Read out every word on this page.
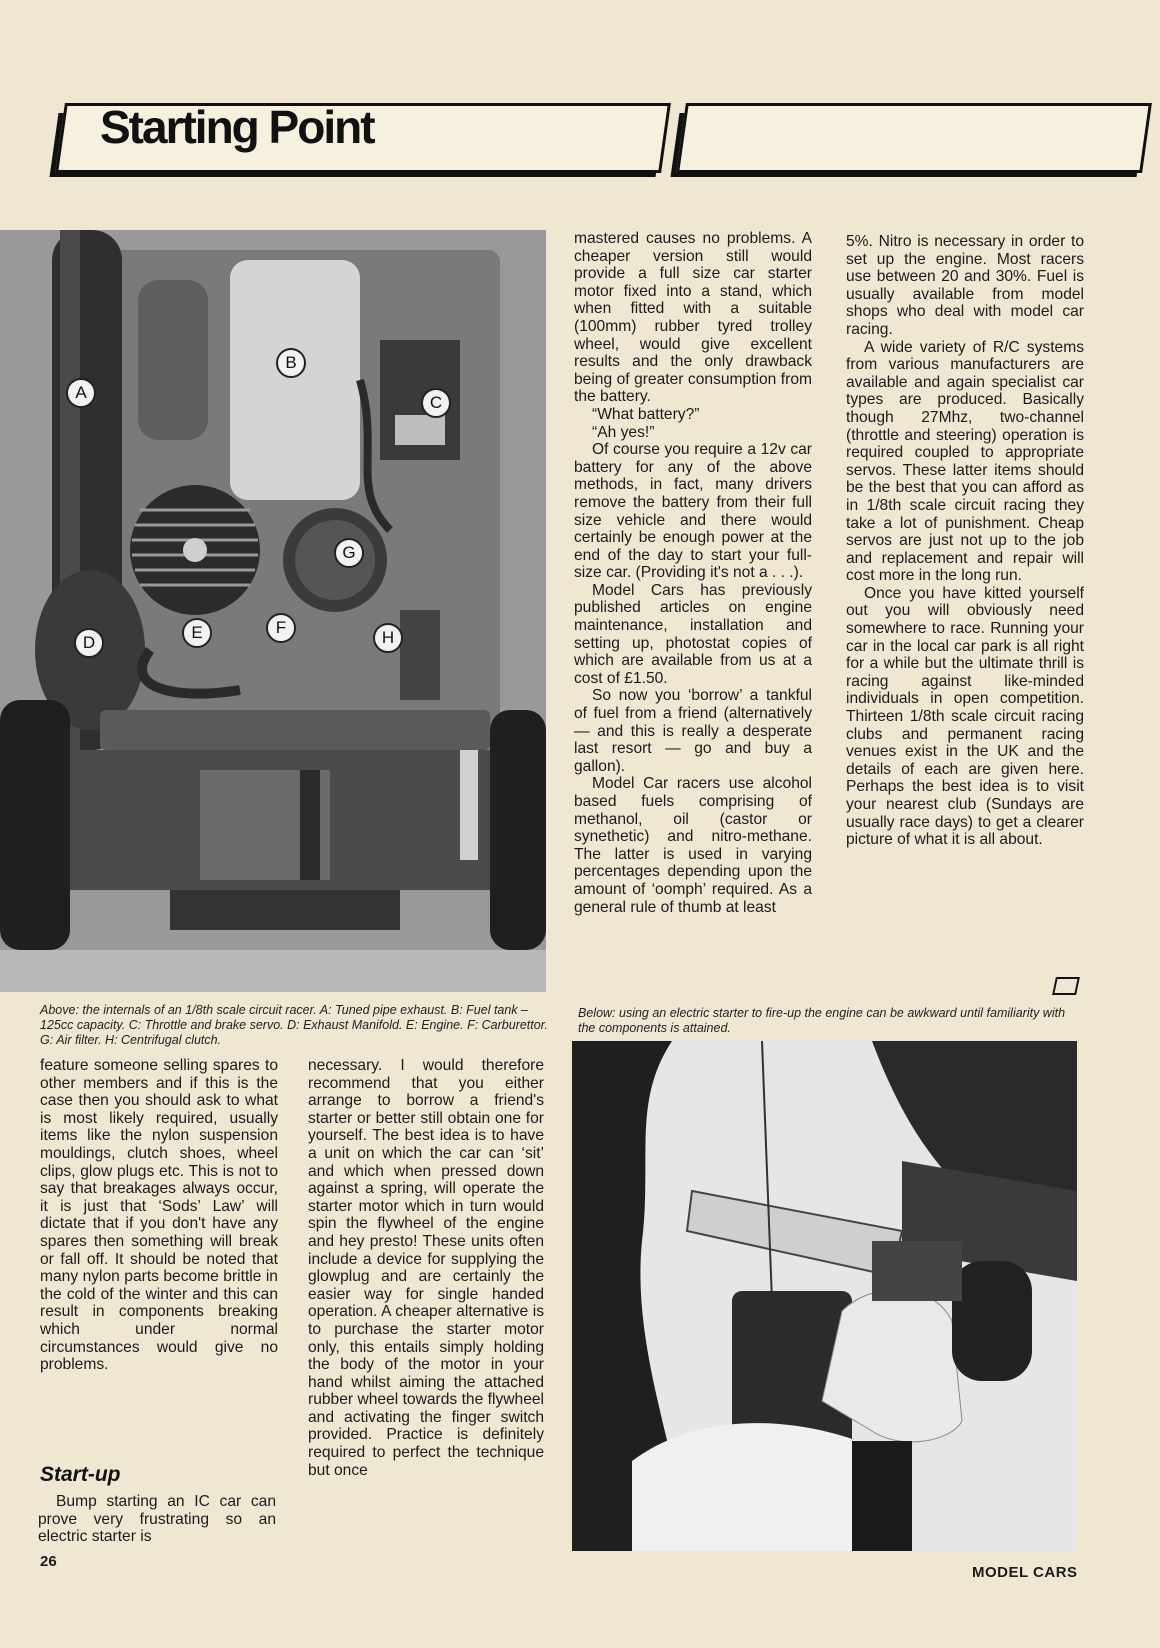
Starting Point
A
B
C
D
E	F
G
H
Above: the internals of an 1/8th scale circuit racer. A: Tuned pipe exhaust. B: Fuel tank – 125cc capacity. C: Throttle and brake servo. D: Exhaust Manifold. E: Engine. F: Carburettor. G: Air filter. H: Centrifugal clutch.

mastered causes no problems. A cheaper version still would provide a full size car starter motor fixed into a stand, which when fitted with a suitable (100mm) rubber tyred trolley wheel, would give excellent results and the only drawback being of greater consumption from the battery.

“What battery?”

“Ah yes!”

Of course you require a 12v car battery for any of the above methods, in fact, many drivers remove the battery from their full size vehicle and there would certainly be enough power at the end of the day to start your full-size car. (Providing it's not a . . .).

Model Cars has previously published articles on engine maintenance, installation and setting up, photostat copies of which are available from us at a cost of £1.50.

So now you ‘borrow’ a tankful of fuel from a friend (alternatively — and this is really a desperate last resort — go and buy a gallon).

Model Car racers use alcohol based fuels comprising of methanol, oil (castor or synethetic) and nitro-methane. The latter is used in varying percentages depending upon the amount of ‘oomph’ required. As a general rule of thumb at least

5%. Nitro is necessary in order to set up the engine. Most racers use between 20 and 30%. Fuel is usually available from model shops who deal with model car racing.

A wide variety of R/C systems from various manufacturers are available and again specialist car types are produced. Basically though 27Mhz, two-channel (throttle and steering) operation is required coupled to appropriate servos. These latter items should be the best that you can afford as in 1/8th scale circuit racing they take a lot of punishment. Cheap servos are just not up to the job and replacement and repair will cost more in the long run.

Once you have kitted yourself out you will obviously need somewhere to race. Running your car in the local car park is all right for a while but the ultimate thrill is racing against like-minded individuals in open competition. Thirteen 1/8th scale circuit racing clubs and permanent racing venues exist in the UK and the details of each are given here. Perhaps the best idea is to visit your nearest club (Sundays are usually race days) to get a clearer picture of what it is all about.

Below: using an electric starter to fire-up the engine can be awkward until familiarity with the components is attained.

feature someone selling spares to other members and if this is the case then you should ask to what is most likely required, usually items like the nylon suspension mouldings, clutch shoes, wheel clips, glow plugs etc. This is not to say that breakages always occur, it is just that ‘Sods’ Law’ will dictate that if you don't have any spares then something will break or fall off. It should be noted that many nylon parts become brittle in the cold of the winter and this can result in components breaking which under normal circumstances would give no problems.

Start-up

Bump starting an IC car can prove very frustrating so an electric starter is

necessary. I would therefore recommend that you either arrange to borrow a friend's starter or better still obtain one for yourself. The best idea is to have a unit on which the car can ‘sit’ and which when pressed down against a spring, will operate the starter motor which in turn would spin the flywheel of the engine and hey presto! These units often include a device for supplying the glowplug and are certainly the easier way for single handed operation. A cheaper alternative is to purchase the starter motor only, this entails simply holding the body of the motor in your hand whilst aiming the attached rubber wheel towards the flywheel and activating the finger switch provided. Practice is definitely required to perfect the technique but once

26
MODEL CARS
